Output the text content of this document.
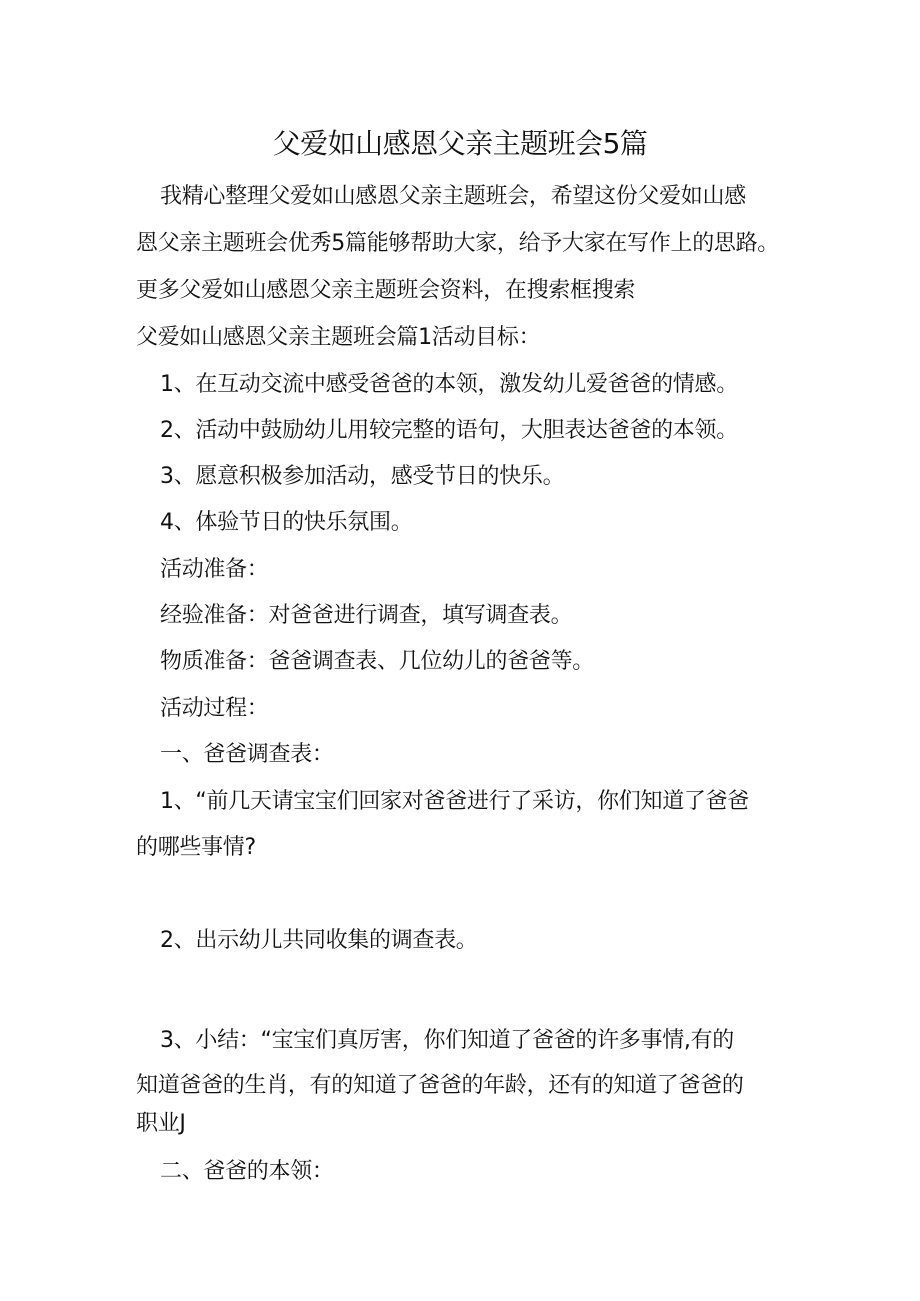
父爱如山感恩父亲主题班会5篇
我精心整理父爱如山感恩父亲主题班会，希望这份父爱如山感
恩父亲主题班会优秀5篇能够帮助大家，给予大家在写作上的思路。
更多父爱如山感恩父亲主题班会资料，在搜索框搜索
父爱如山感恩父亲主题班会篇1活动目标：
1、在互动交流中感受爸爸的本领，激发幼儿爱爸爸的情感。
2、活动中鼓励幼儿用较完整的语句，大胆表达爸爸的本领。
3、愿意积极参加活动，感受节日的快乐。
4、体验节日的快乐氛围。
活动准备：
经验准备：对爸爸进行调查，填写调查表。
物质准备：爸爸调查表、几位幼儿的爸爸等。
活动过程：
一、爸爸调查表：
1、“前几天请宝宝们回家对爸爸进行了采访，你们知道了爸爸
的哪些事情?
2、出示幼儿共同收集的调查表。
3、小结：“宝宝们真厉害，你们知道了爸爸的许多事情,有的
知道爸爸的生肖，有的知道了爸爸的年龄，还有的知道了爸爸的
职业J
二、爸爸的本领：
